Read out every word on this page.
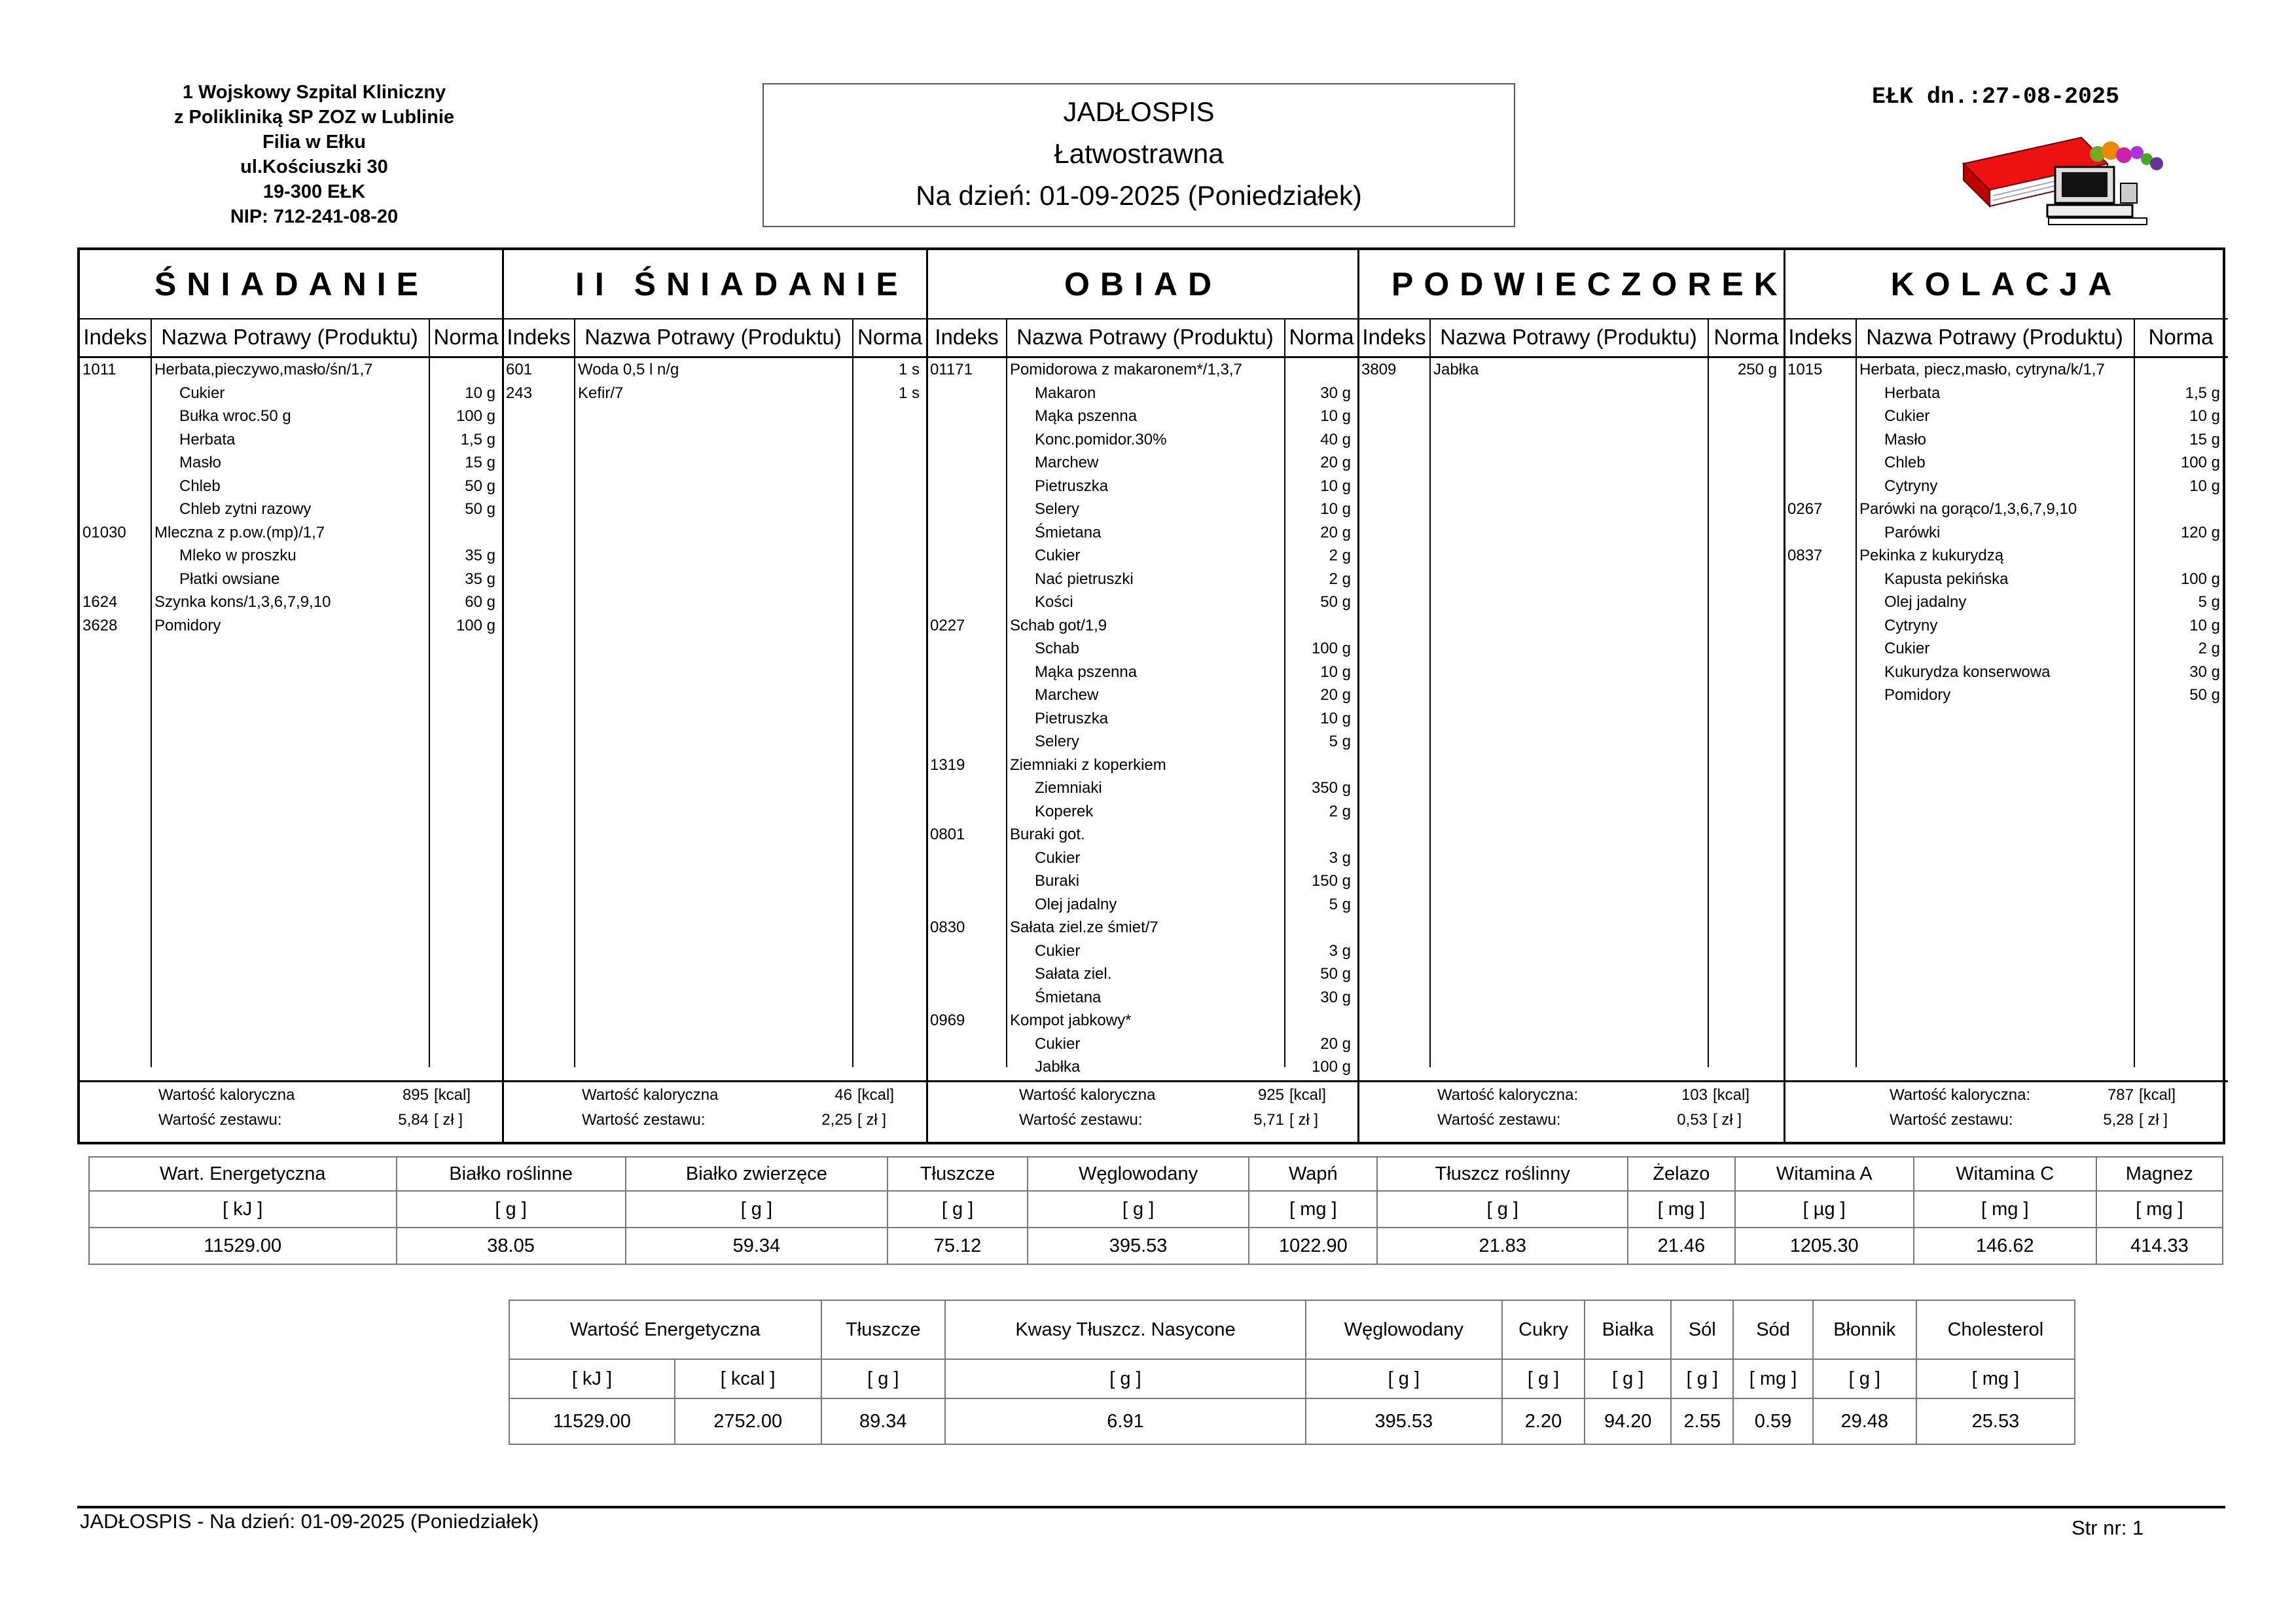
1 Wojskowy Szpital Kliniczny
z Polikliniką SP ZOZ w Lublinie
Filia w Ełku
ul.Kościuszki 30
19-300 EŁK
NIP: 712-241-08-20
JADŁOSPIS
Łatwostrawna
Na dzień: 01-09-2025 (Poniedziałek)
EŁK dn.:27-08-2025
ŚNIADANIE
Indeks Nazwa Potrawy (Produktu) Norma
1011 Herbata,pieczywo,masło/śn/1,7
Cukier	10 g
Bułka wroc.50 g	100 g
Herbata	1,5 g
Masło	15 g
Chleb	50 g
Chleb zytni razowy	50 g
01030 Mleczna z p.ow.(mp)/1,7
Mleko w proszku	35 g
Płatki owsiane	35 g
1624 Szynka kons/1,3,6,7,9,10	60 g
3628 Pomidory	100 g
Wartość kaloryczna	895 [kcal]
Wartość zestawu:	5,84 [ zł ]
II ŚNIADANIE
Indeks Nazwa Potrawy (Produktu) Norma
601	Woda 0,5 l n/g	1 s
243	Kefir/7	1 s
Wartość kaloryczna	46 [kcal]
Wartość zestawu:	2,25 [ zł ]
OBIAD
Indeks Nazwa Potrawy (Produktu) Norma
01171 Pomidorowa z makaronem*/1,3,7
Makaron	30 g
Mąka pszenna	10 g
Konc.pomidor.30%	40 g
Marchew	20 g
Pietruszka	10 g
Selery	10 g
Śmietana	20 g
Cukier	2 g
Nać pietruszki	2 g
Kości	50 g
0227	Schab got/1,9
Schab	100 g
Mąka pszenna	10 g
Marchew	20 g
Pietruszka	10 g
Selery	5 g
1319	Ziemniaki z koperkiem
Ziemniaki	350 g
Koperek	2 g
0801	Buraki got.
Cukier	3 g
Buraki	150 g
Olej jadalny	5 g
0830	Sałata ziel.ze śmiet/7
Cukier	3 g
Sałata ziel.	50 g
Śmietana	30 g
0969	Kompot jabkowy*
Cukier	20 g
Jabłka	100 g
Wartość kaloryczna	925 [kcal]
Wartość zestawu:	5,71 [ zł ]
PODWIECZOREK
Indeks Nazwa Potrawy (Produktu) Norma
3809 Jabłka	250 g
Wartość kaloryczna:	103 [kcal]
Wartość zestawu:	0,53 [ zł ]
KOLACJA
Indeks Nazwa Potrawy (Produktu)	Norma
1015 Herbata, piecz,masło, cytryna/k/1,7
Herbata	1,5 g
Cukier	10 g
Masło	15 g
Chleb	100 g
Cytryny	10 g
0267 Parówki na gorąco/1,3,6,7,9,10
Parówki	120 g
0837 Pekinka z kukurydzą
Kapusta pekińska	100 g
Olej jadalny	5 g
Cytryny	10 g
Cukier	2 g
Kukurydza konserwowa	30 g
Pomidory	50 g
Wartość kaloryczna:	787 [kcal]
Wartość zestawu:	5,28 [ zł ]
Wart. Energetyczna	Białko roślinne	Białko zwierzęce	Tłuszcze	Węglowodany	Wapń	Tłuszcz roślinny	Żelazo	Witamina A	Witamina C	Magnez
[ kJ ]	[ g ]	[ g ]	[ g ]	[ g ]	[ mg ]	[ g ]	[ mg ]	[ µg ]	[ mg ]	[ mg ]
11529.00	38.05	59.34	75.12	395.53	1022.90	21.83	21.46	1205.30	146.62	414.33
Wartość Energetyczna		Tłuszcze	Kwasy Tłuszcz. Nasycone	Węglowodany	Cukry	Białka	Sól	Sód	Błonnik	Cholesterol
[ kJ ]	[ kcal ]	[ g ]	[ g ]	[ g ]	[ g ]	[ g ]	[ g ]	[ mg ]	[ g ]	[ mg ]
11529.00	2752.00	89.34	6.91	395.53	2.20	94.20	2.55	0.59	29.48	25.53
JADŁOSPIS - Na dzień: 01-09-2025 (Poniedziałek)	Str nr: 1
